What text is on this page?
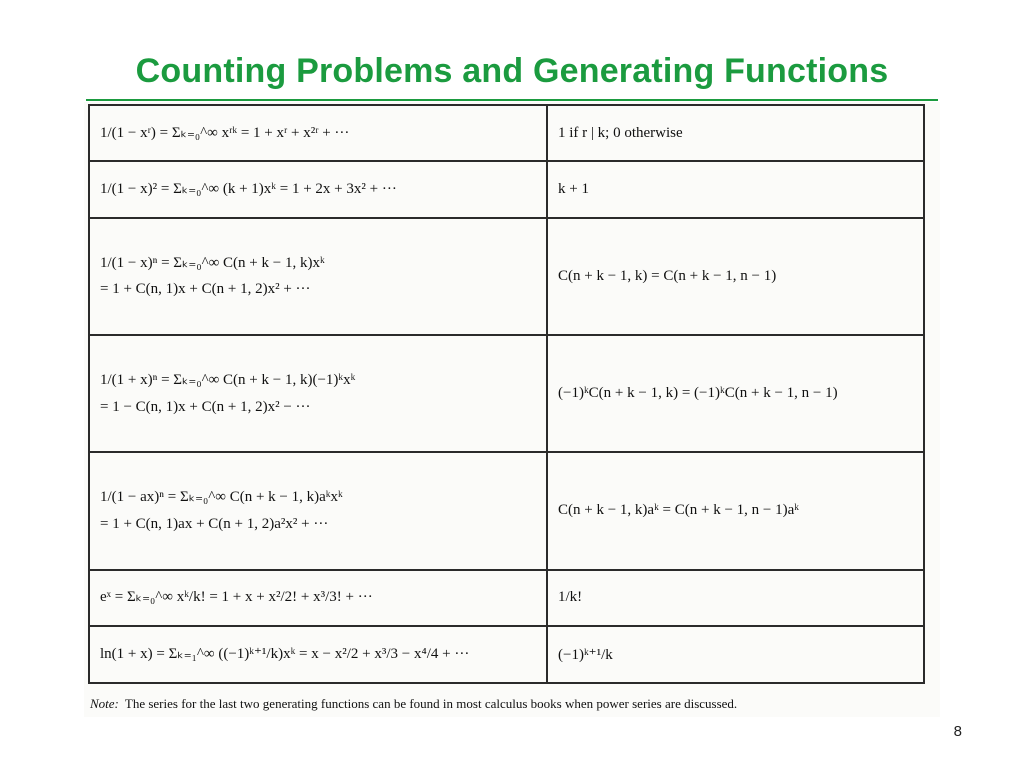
Counting Problems and Generating Functions
1/(1 − xʳ) = Σₖ₌₀^∞ xʳᵏ = 1 + xʳ + x²ʳ + ···	1 if r | k; 0 otherwise

1/(1 − x)² = Σₖ₌₀^∞ (k + 1)xᵏ = 1 + 2x + 3x² + ···	k + 1

1/(1 − x)ⁿ = Σₖ₌₀^∞ C(n + k − 1, k)xᵏ
= 1 + C(n, 1)x + C(n + 1, 2)x² + ···	C(n + k − 1, k) = C(n + k − 1, n − 1)

1/(1 + x)ⁿ = Σₖ₌₀^∞ C(n + k − 1, k)(−1)ᵏxᵏ
= 1 − C(n, 1)x + C(n + 1, 2)x² − ···	(−1)ᵏC(n + k − 1, k) = (−1)ᵏC(n + k − 1, n − 1)

1/(1 − ax)ⁿ = Σₖ₌₀^∞ C(n + k − 1, k)aᵏxᵏ
= 1 + C(n, 1)ax + C(n + 1, 2)a²x² + ···	C(n + k − 1, k)aᵏ = C(n + k − 1, n − 1)aᵏ

eˣ = Σₖ₌₀^∞ xᵏ/k! = 1 + x + x²/2! + x³/3! + ···	1/k!

ln(1 + x) = Σₖ₌₁^∞ ((−1)ᵏ⁺¹/k)xᵏ = x − x²/2 + x³/3 − x⁴/4 + ···	(−1)ᵏ⁺¹/k
Note: The series for the last two generating functions can be found in most calculus books when power series are discussed.
8
